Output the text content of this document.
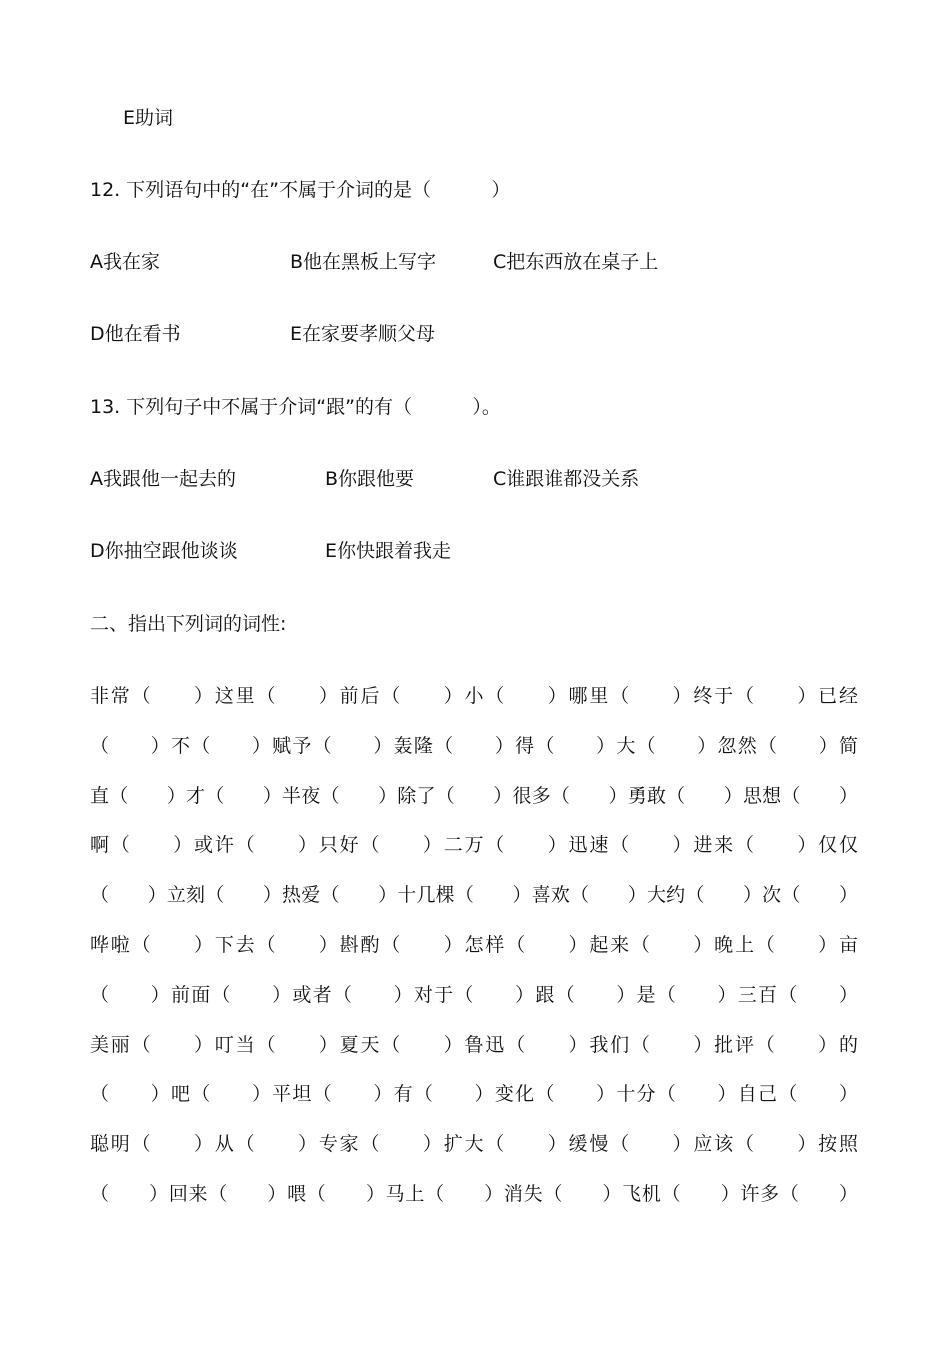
E助词
12. 下列语句中的“在”不属于介词的是（          ）
A我在家	B他在黑板上写字	C把东西放在桌子上
D他在看书	E在家要孝顺父母
13. 下列句子中不属于介词“跟”的有（          ）。
A我跟他一起去的	B你跟他要	C谁跟谁都没关系
D你抽空跟他谈谈	E你快跟着我走
二、指出下列词的词性:
非常（　　）这里（　　）前后（　　）小（　　）哪里（　　）终于（　　）已经
（　　）不（　　）赋予（　　）轰隆（　　）得（　　）大（　　）忽然（　　）简
直（　　）才（　　）半夜（　　）除了（　　）很多（　　）勇敢（　　）思想（　　）
啊（　　）或许（　　）只好（　　）二万（　　）迅速（　　）进来（　　）仅仅
（　　）立刻（　　）热爱（　　）十几棵（　　）喜欢（　　）大约（　　）次（　　）
哗啦（　　）下去（　　）斟酌（　　）怎样（　　）起来（　　）晚上（　　）亩
（　　）前面（　　）或者（　　）对于（　　）跟（　　）是（　　）三百（　　）
美丽（　　）叮当（　　）夏天（　　）鲁迅（　　）我们（　　）批评（　　）的
（　　）吧（　　）平坦（　　）有（　　）变化（　　）十分（　　）自己（　　）
聪明（　　）从（　　）专家（　　）扩大（　　）缓慢（　　）应该（　　）按照
（　　）回来（　　）喂（　　）马上（　　）消失（　　）飞机（　　）许多（　　）
